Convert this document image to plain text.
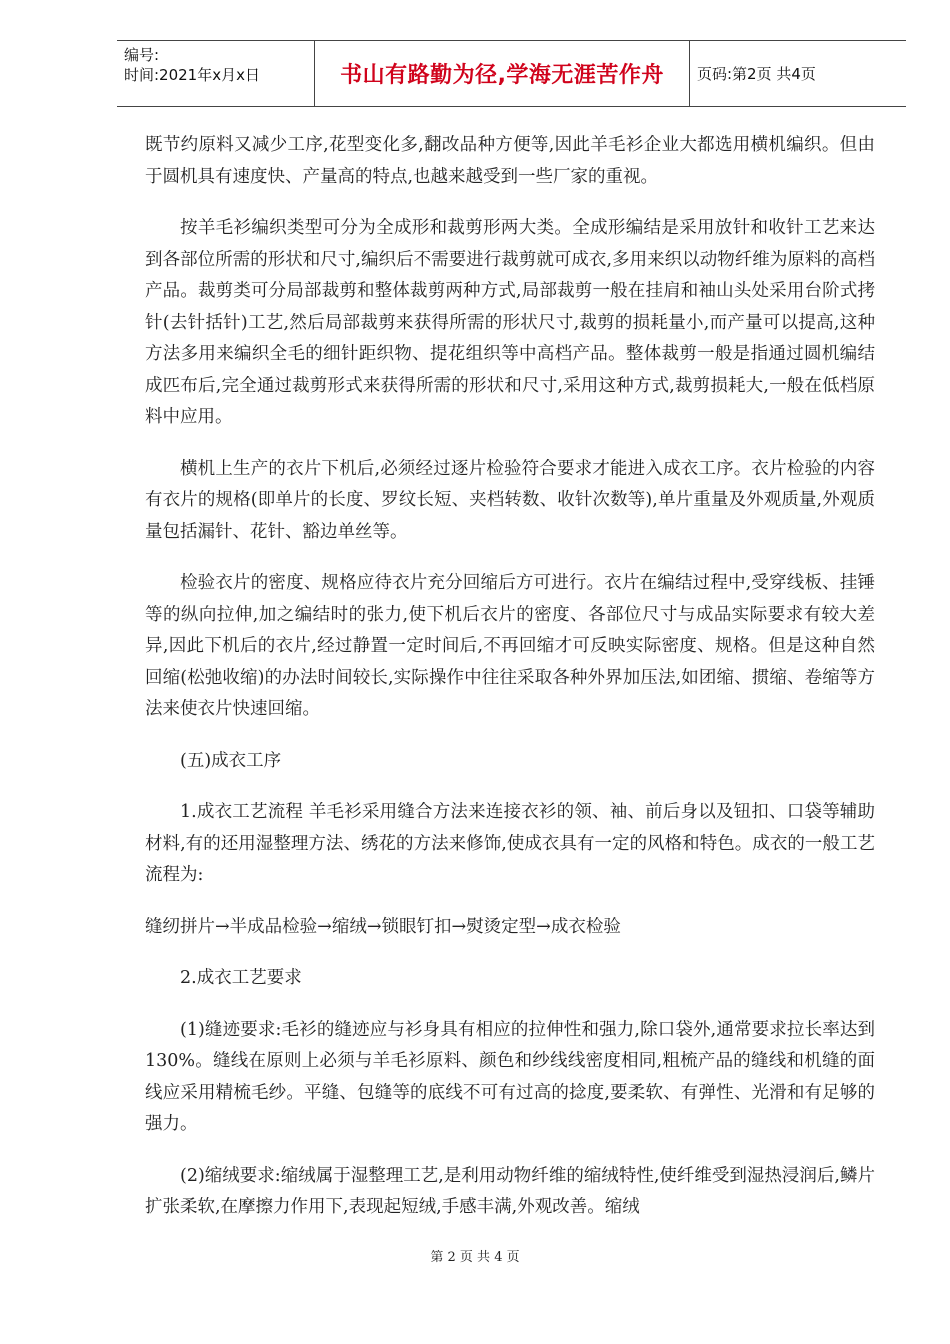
编号:
时间:2021年x月x日	书山有路勤为径,学海无涯苦作舟 页码:第2页 共4页

既节约原料又减少工序,花型变化多,翻改品种方便等,因此羊毛衫企业大都选用横机编织。但由于圆机具有速度快、产量高的特点,也越来越受到一些厂家的重视。

按羊毛衫编织类型可分为全成形和裁剪形两大类。全成形编结是采用放针和收针工艺来达到各部位所需的形状和尺寸,编织后不需要进行裁剪就可成衣,多用来织以动物纤维为原料的高档产品。裁剪类可分局部裁剪和整体裁剪两种方式,局部裁剪一般在挂肩和袖山头处采用台阶式拷针(去针括针)工艺,然后局部裁剪来获得所需的形状尺寸,裁剪的损耗量小,而产量可以提高,这种方法多用来编织全毛的细针距织物、提花组织等中高档产品。整体裁剪一般是指通过圆机编结成匹布后,完全通过裁剪形式来获得所需的形状和尺寸,采用这种方式,裁剪损耗大,一般在低档原料中应用。

横机上生产的衣片下机后,必须经过逐片检验符合要求才能进入成衣工序。衣片检验的内容有衣片的规格(即单片的长度、罗纹长短、夹档转数、收针次数等),单片重量及外观质量,外观质量包括漏针、花针、豁边单丝等。

检验衣片的密度、规格应待衣片充分回缩后方可进行。衣片在编结过程中,受穿线板、挂锤等的纵向拉伸,加之编结时的张力,使下机后衣片的密度、各部位尺寸与成品实际要求有较大差异,因此下机后的衣片,经过静置一定时间后,不再回缩才可反映实际密度、规格。但是这种自然回缩(松弛收缩)的办法时间较长,实际操作中往往采取各种外界加压法,如团缩、掼缩、卷缩等方法来使衣片快速回缩。

(五)成衣工序

1.成衣工艺流程 羊毛衫采用缝合方法来连接衣衫的领、袖、前后身以及钮扣、口袋等辅助材料,有的还用湿整理方法、绣花的方法来修饰,使成衣具有一定的风格和特色。成衣的一般工艺流程为:

缝纫拼片→半成品检验→缩绒→锁眼钉扣→熨烫定型→成衣检验

2.成衣工艺要求

(1)缝迹要求:毛衫的缝迹应与衫身具有相应的拉伸性和强力,除口袋外,通常要求拉长率达到130%。缝线在原则上必须与羊毛衫原料、颜色和纱线线密度相同,粗梳产品的缝线和机缝的面线应采用精梳毛纱。平缝、包缝等的底线不可有过高的捻度,要柔软、有弹性、光滑和有足够的强力。

(2)缩绒要求:缩绒属于湿整理工艺,是利用动物纤维的缩绒特性,使纤维受到湿热浸润后,鳞片扩张柔软,在摩擦力作用下,表现起短绒,手感丰满,外观改善。缩绒

第 2 页 共 4 页
